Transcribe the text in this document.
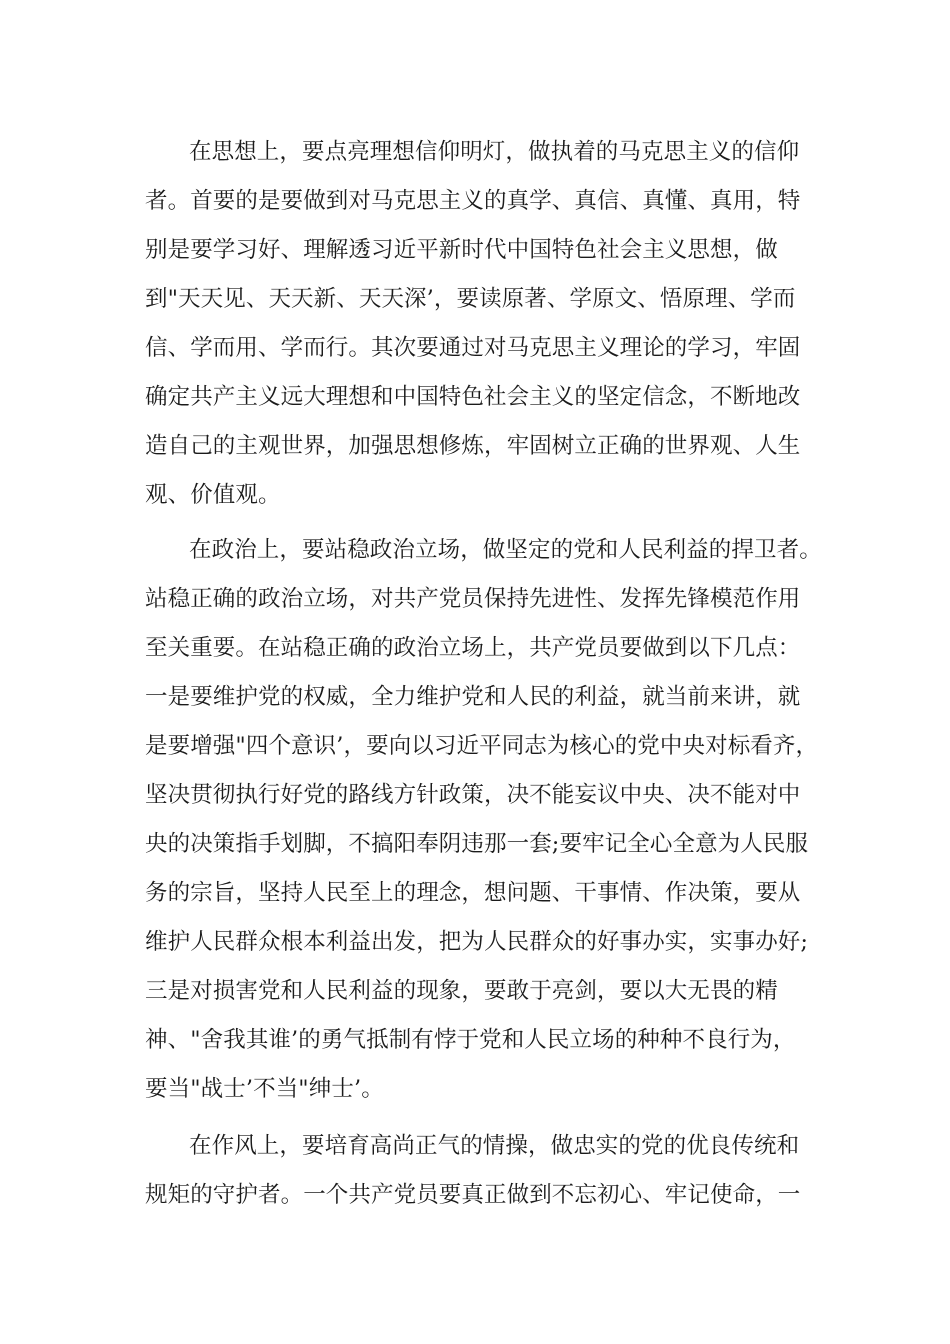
在思想上，要点亮理想信仰明灯，做执着的马克思主义的信仰
者。首要的是要做到对马克思主义的真学、真信、真懂、真用，特
别是要学习好、理解透习近平新时代中国特色社会主义思想，做
到"天天见、天天新、天天深’，要读原著、学原文、悟原理、学而
信、学而用、学而行。其次要通过对马克思主义理论的学习，牢固
确定共产主义远大理想和中国特色社会主义的坚定信念，不断地改
造自己的主观世界，加强思想修炼，牢固树立正确的世界观、人生
观、价值观。
在政治上，要站稳政治立场，做坚定的党和人民利益的捍卫者。
站稳正确的政治立场，对共产党员保持先进性、发挥先锋模范作用
至关重要。在站稳正确的政治立场上，共产党员要做到以下几点：
一是要维护党的权威，全力维护党和人民的利益，就当前来讲，就
是要增强"四个意识’，要向以习近平同志为核心的党中央对标看齐，
坚决贯彻执行好党的路线方针政策，决不能妄议中央、决不能对中
央的决策指手划脚，不搞阳奉阴违那一套;要牢记全心全意为人民服
务的宗旨，坚持人民至上的理念，想问题、干事情、作决策，要从
维护人民群众根本利益出发，把为人民群众的好事办实，实事办好;
三是对损害党和人民利益的现象，要敢于亮剑，要以大无畏的精
神、"舍我其谁’的勇气抵制有悖于党和人民立场的种种不良行为，
要当"战士’不当"绅士’。
在作风上，要培育高尚正气的情操，做忠实的党的优良传统和
规矩的守护者。一个共产党员要真正做到不忘初心、牢记使命，一
